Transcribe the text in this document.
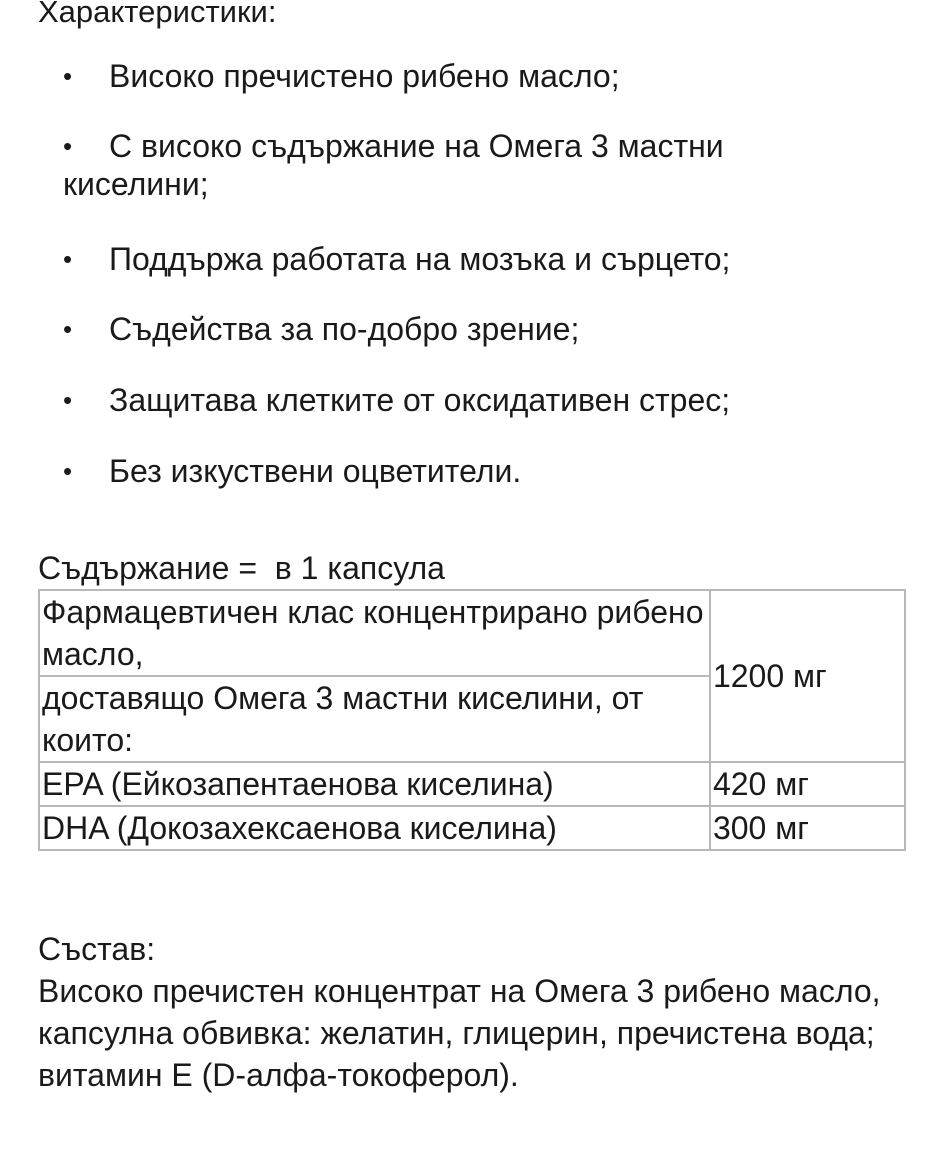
Характеристики:
• Високо пречистено рибено масло;
• С високо съдържание на Омега 3 мастни киселини;
• Поддържа работата на мозъка и сърцето;
• Съдейства за по-добро зрение;
• Защитава клетките от оксидативен стрес;
• Без изкуствени оцветители.
Съдържание =  в 1 капсула
Фармацевтичен клас концентрирано рибено масло,	1200 мг
доставящо Омега 3 мастни киселини, от които:	
EPA (Ейкозапентаенова киселина)	420 мг
DHA (Докозахексаенова киселина)	300 мг
Състав:
Високо пречистен концентрат на Омега 3 рибено масло, капсулна обвивка: желатин, глицерин, пречистена вода; витамин Е (D-алфа-токоферол).
